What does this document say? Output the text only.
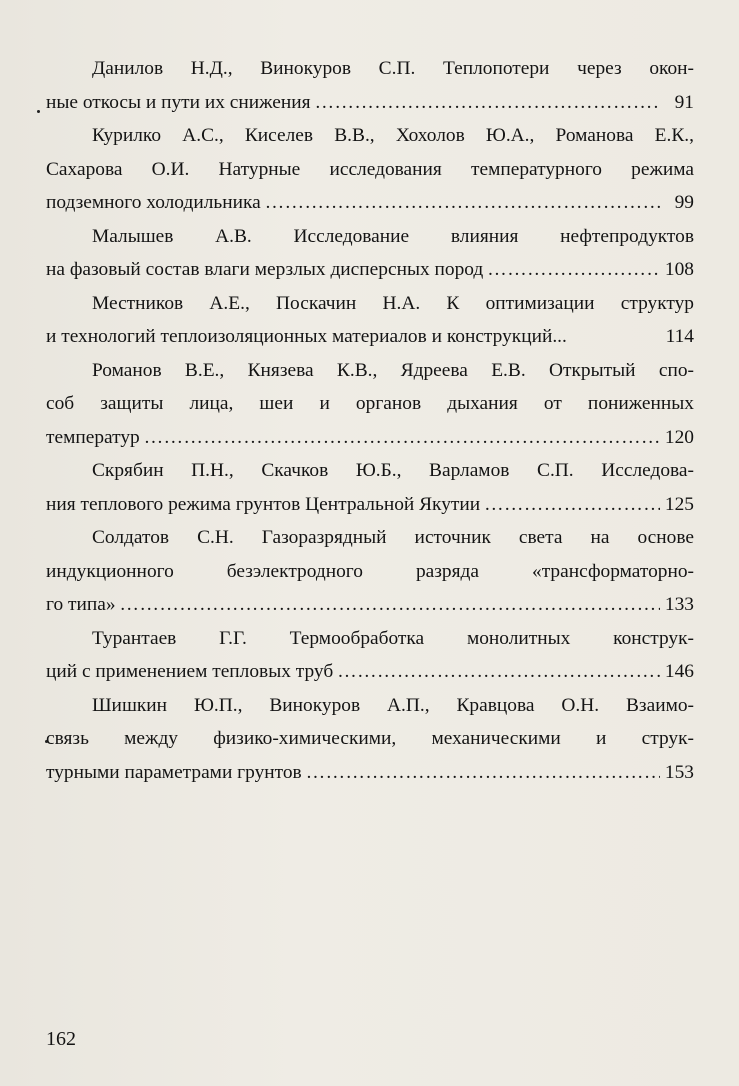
Данилов Н.Д., Винокуров С.П. Теплопотери через окон-
ные откосы и пути их снижения ……………………………………………………………………………………………………………………	91
Курилко А.С., Киселев В.В., Хохолов Ю.А., Романова Е.К.,
Сахарова О.И. Натурные исследования температурного режима
подземного холодильника ……………………………………………………………………………………………………………………	99
Малышев А.В. Исследование влияния нефтепродуктов
на фазовый состав влаги мерзлых дисперсных пород ……………………………………………………………………………………………………………………	108
Местников А.Е., Поскачин Н.А. К оптимизации структур
и технологий теплоизоляционных материалов и конструкций...	114
Романов В.Е., Князева К.В., Ядреева Е.В. Открытый спо-
соб защиты лица, шеи и органов дыхания от пониженных
температур ……………………………………………………………………………………………………………………	120
Скрябин П.Н., Скачков Ю.Б., Варламов С.П. Исследова-
ния теплового режима грунтов Центральной Якутии ……………………………………………………………………………………………………………………	125
Солдатов С.Н. Газоразрядный источник света на основе
индукционного безэлектродного разряда «трансформаторно-
го типа» ……………………………………………………………………………………………………………………	133
Турантаев Г.Г. Термообработка монолитных конструк-
ций с применением тепловых труб ……………………………………………………………………………………………………………………	146
Шишкин Ю.П., Винокуров А.П., Кравцова О.Н. Взаимо-
связь между физико-химическими, механическими и струк-
турными параметрами грунтов ……………………………………………………………………………………………………………………	153
162
